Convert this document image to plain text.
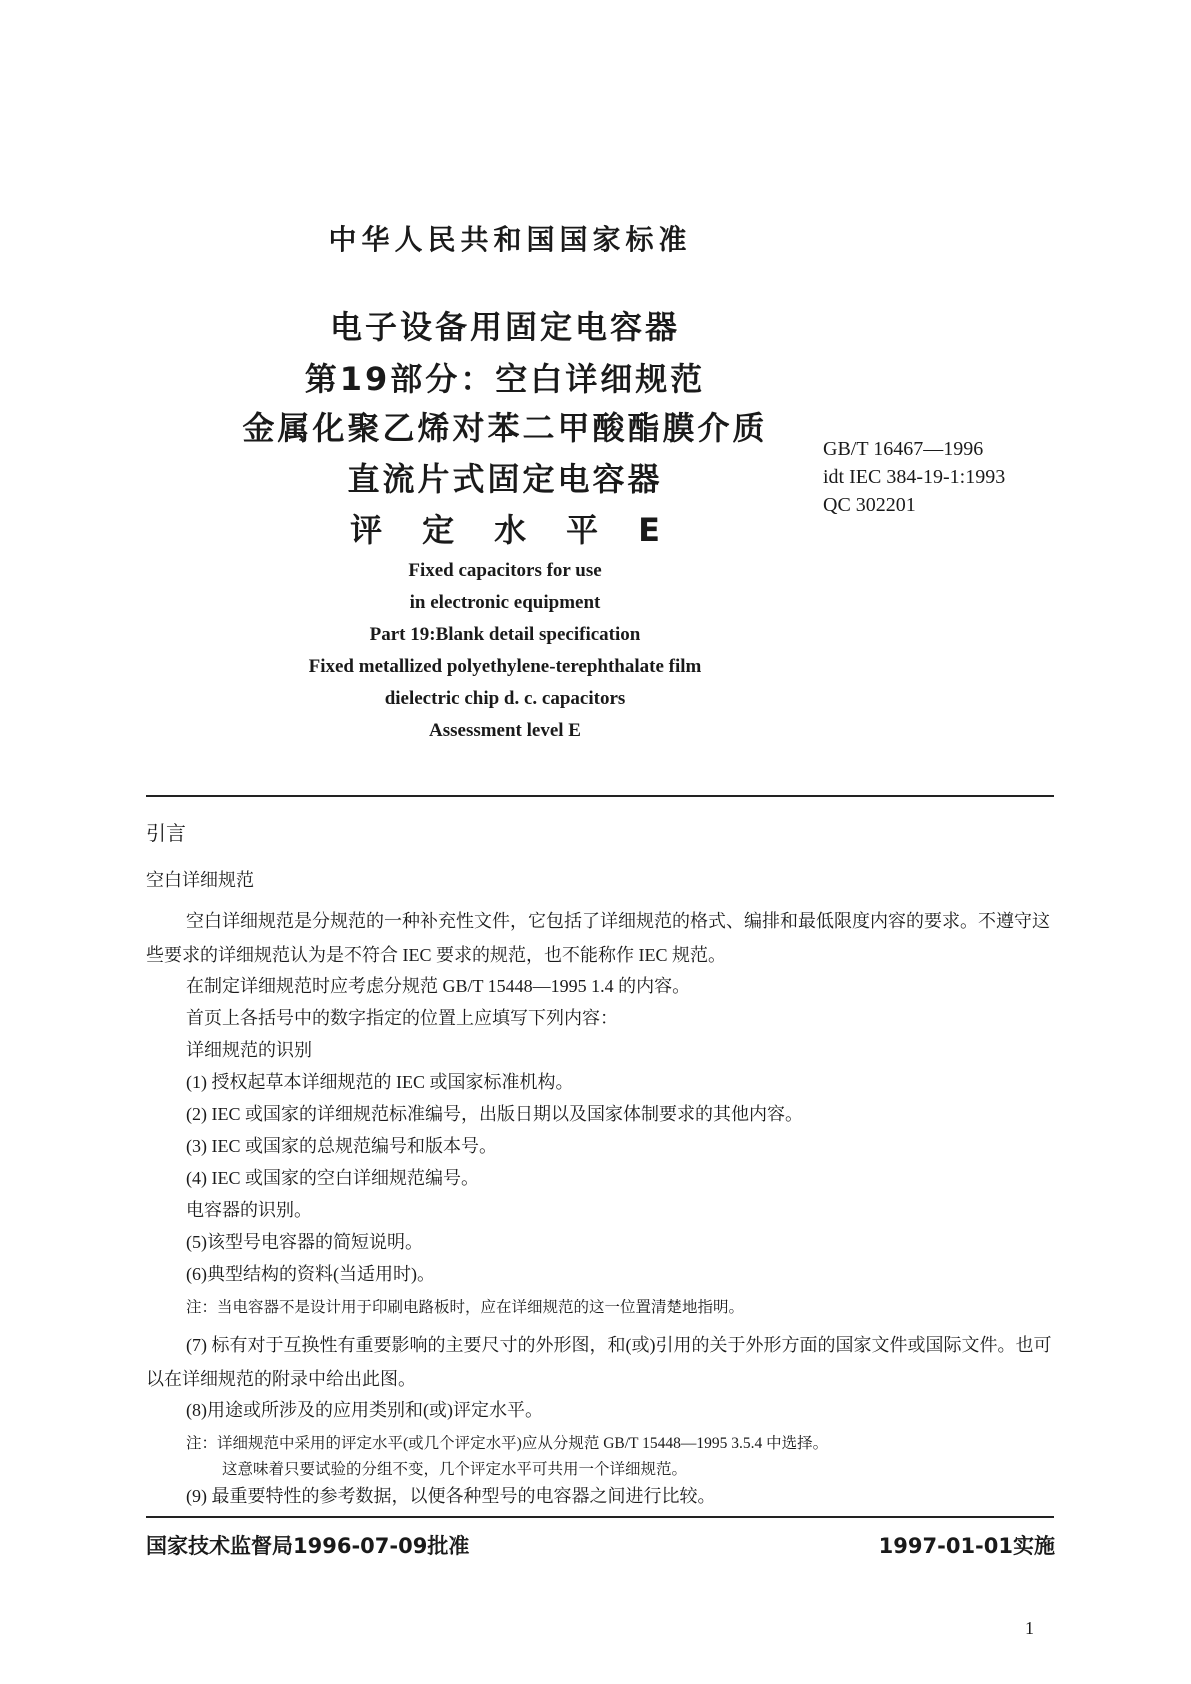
中华人民共和国国家标准
电子设备用固定电容器
第19部分：空白详细规范
金属化聚乙烯对苯二甲酸酯膜介质
直流片式固定电容器
评定水平E
GB/T 16467—1996
idt IEC 384-19-1:1993
QC 302201
Fixed capacitors for use
in electronic equipment
Part 19:Blank detail specification
Fixed metallized polyethylene-terephthalate film
dielectric chip d. c. capacitors
Assessment level E
引言
空白详细规范
空白详细规范是分规范的一种补充性文件，它包括了详细规范的格式、编排和最低限度内容的要求。不遵守这些要求的详细规范认为是不符合 IEC 要求的规范，也不能称作 IEC 规范。
在制定详细规范时应考虑分规范 GB/T 15448—1995 1.4 的内容。
首页上各括号中的数字指定的位置上应填写下列内容：
详细规范的识别
(1) 授权起草本详细规范的 IEC 或国家标准机构。
(2) IEC 或国家的详细规范标准编号，出版日期以及国家体制要求的其他内容。
(3) IEC 或国家的总规范编号和版本号。
(4) IEC 或国家的空白详细规范编号。
电容器的识别。
(5)该型号电容器的简短说明。
(6)典型结构的资料(当适用时)。
注：当电容器不是设计用于印刷电路板时，应在详细规范的这一位置清楚地指明。
(7) 标有对于互换性有重要影响的主要尺寸的外形图，和(或)引用的关于外形方面的国家文件或国际文件。也可以在详细规范的附录中给出此图。
(8)用途或所涉及的应用类别和(或)评定水平。
注：详细规范中采用的评定水平(或几个评定水平)应从分规范 GB/T 15448—1995 3.5.4 中选择。
这意味着只要试验的分组不变，几个评定水平可共用一个详细规范。
(9) 最重要特性的参考数据，以便各种型号的电容器之间进行比较。
国家技术监督局1996-07-09批准	1997-01-01实施
1
